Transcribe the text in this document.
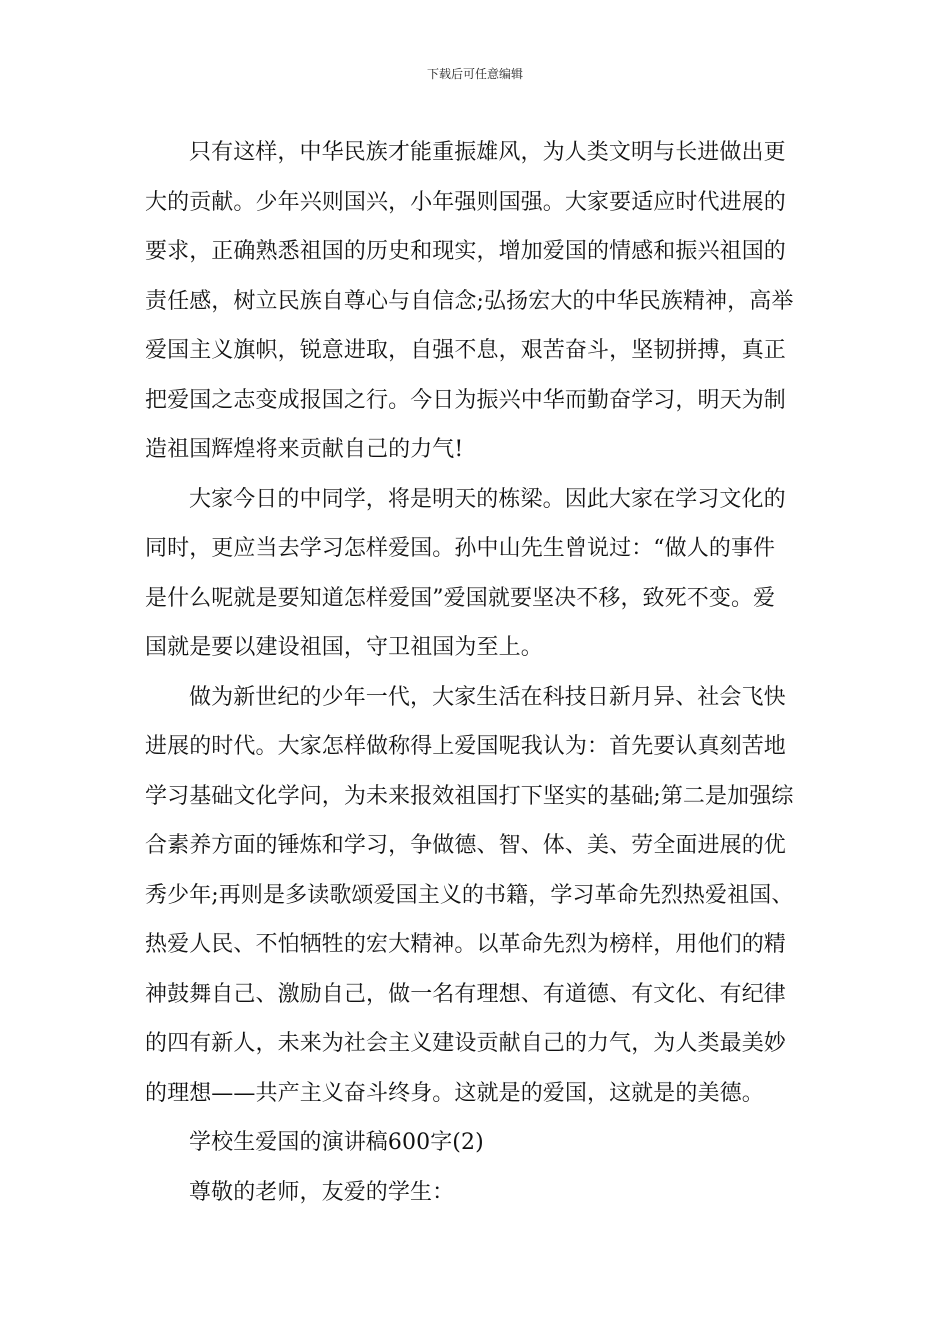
下载后可任意编辑
只有这样，中华民族才能重振雄风，为人类文明与长进做出更
大的贡献。少年兴则国兴，小年强则国强。大家要适应时代进展的
要求，正确熟悉祖国的历史和现实，增加爱国的情感和振兴祖国的
责任感，树立民族自尊心与自信念;弘扬宏大的中华民族精神，高举
爱国主义旗帜，锐意进取，自强不息，艰苦奋斗，坚韧拼搏，真正
把爱国之志变成报国之行。今日为振兴中华而勤奋学习，明天为制
造祖国辉煌将来贡献自己的力气!
大家今日的中同学，将是明天的栋梁。因此大家在学习文化的
同时，更应当去学习怎样爱国。孙中山先生曾说过：“做人的事件
是什么呢就是要知道怎样爱国”爱国就要坚决不移，致死不变。爱
国就是要以建设祖国，守卫祖国为至上。
做为新世纪的少年一代，大家生活在科技日新月异、社会飞快
进展的时代。大家怎样做称得上爱国呢我认为：首先要认真刻苦地
学习基础文化学问，为未来报效祖国打下坚实的基础;第二是加强综
合素养方面的锤炼和学习，争做德、智、体、美、劳全面进展的优
秀少年;再则是多读歌颂爱国主义的书籍，学习革命先烈热爱祖国、
热爱人民、不怕牺牲的宏大精神。以革命先烈为榜样，用他们的精
神鼓舞自己、激励自己，做一名有理想、有道德、有文化、有纪律
的四有新人，未来为社会主义建设贡献自己的力气，为人类最美妙
的理想——共产主义奋斗终身。这就是的爱国，这就是的美德。
学校生爱国的演讲稿600字(2)
尊敬的老师，友爱的学生：
